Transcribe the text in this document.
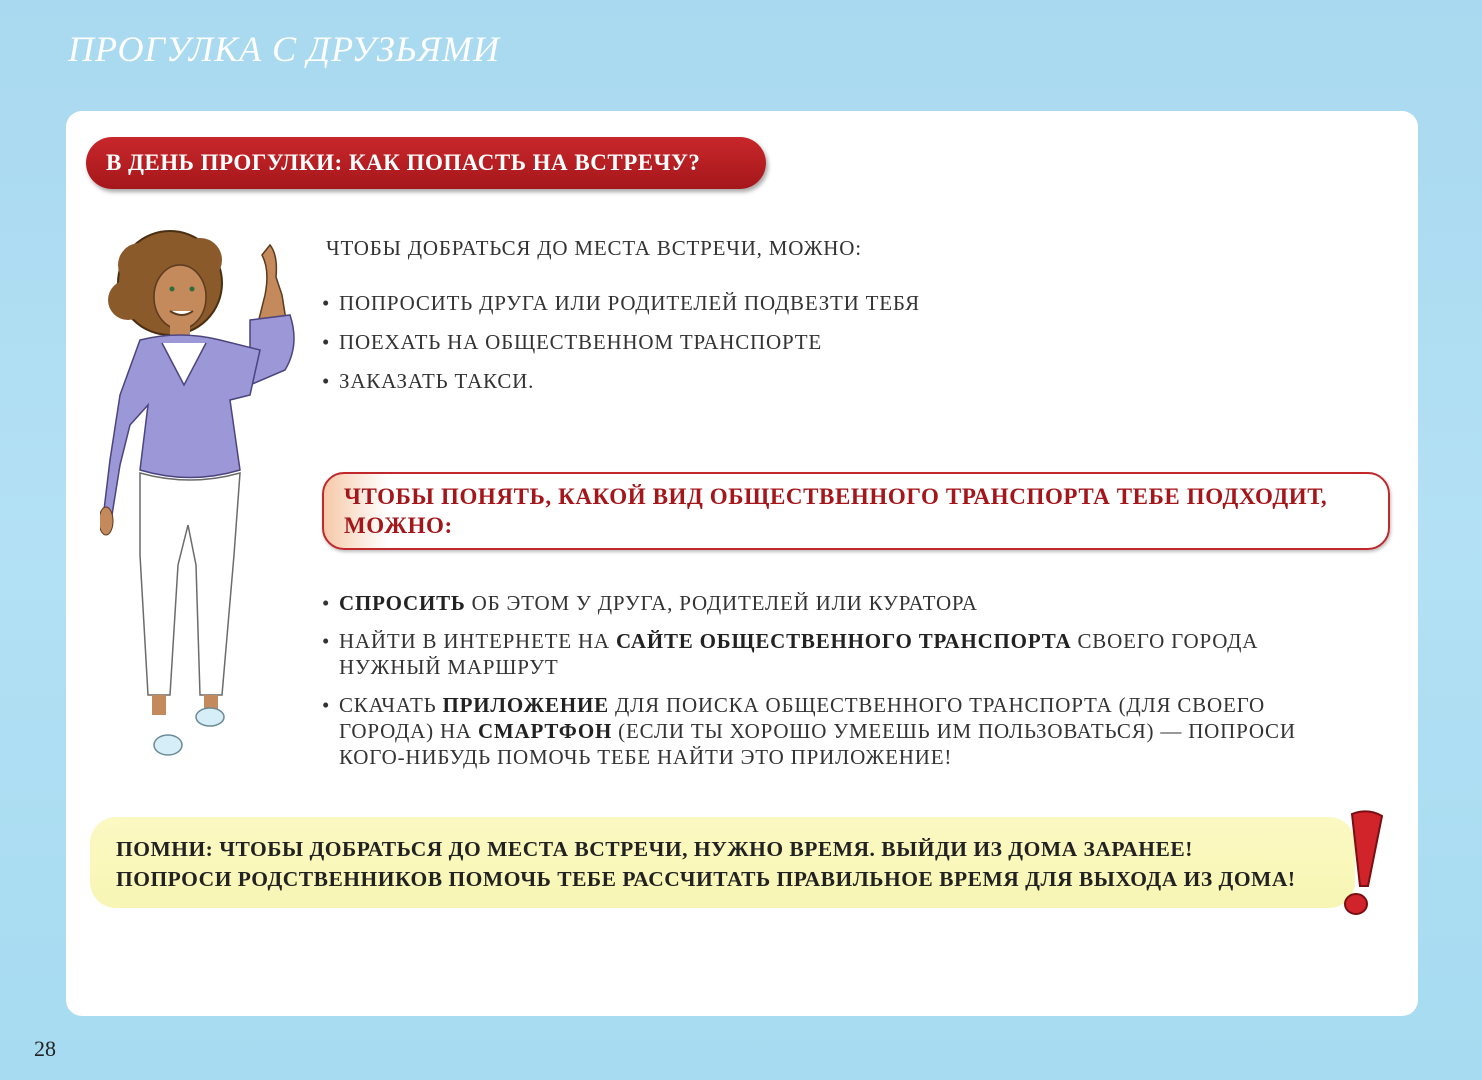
ПРОГУЛКА С ДРУЗЬЯМИ
В ДЕНЬ ПРОГУЛКИ: КАК ПОПАСТЬ НА ВСТРЕЧУ?
ЧТОБЫ ДОБРАТЬСЯ ДО МЕСТА ВСТРЕЧИ, МОЖНО:
• ПОПРОСИТЬ ДРУГА ИЛИ РОДИТЕЛЕЙ ПОДВЕЗТИ ТЕБЯ
• ПОЕХАТЬ НА ОБЩЕСТВЕННОМ ТРАНСПОРТЕ
• ЗАКАЗАТЬ ТАКСИ.
ЧТОБЫ ПОНЯТЬ, КАКОЙ ВИД ОБЩЕСТВЕННОГО ТРАНСПОРТА ТЕБЕ ПОДХОДИТ, МОЖНО:
• СПРОСИТЬ ОБ ЭТОМ У ДРУГА, РОДИТЕЛЕЙ ИЛИ КУРАТОРА
• НАЙТИ В ИНТЕРНЕТЕ НА САЙТЕ ОБЩЕСТВЕННОГО ТРАНСПОРТА СВОЕГО ГОРОДА НУЖНЫЙ МАРШРУТ
• СКАЧАТЬ ПРИЛОЖЕНИЕ ДЛЯ ПОИСКА ОБЩЕСТВЕННОГО ТРАНСПОРТА (ДЛЯ СВОЕГО ГОРОДА) НА СМАРТФОН (ЕСЛИ ТЫ ХОРОШО УМЕЕШЬ ИМ ПОЛЬЗОВАТЬСЯ) — ПОПРОСИ КОГО-НИБУДЬ ПОМОЧЬ ТЕБЕ НАЙТИ ЭТО ПРИЛОЖЕНИЕ!
ПОМНИ: ЧТОБЫ ДОБРАТЬСЯ ДО МЕСТА ВСТРЕЧИ, НУЖНО ВРЕМЯ. ВЫЙДИ ИЗ ДОМА ЗАРАНЕЕ!
ПОПРОСИ РОДСТВЕННИКОВ ПОМОЧЬ ТЕБЕ РАССЧИТАТЬ ПРАВИЛЬНОЕ ВРЕМЯ ДЛЯ ВЫХОДА ИЗ ДОМА!
28
